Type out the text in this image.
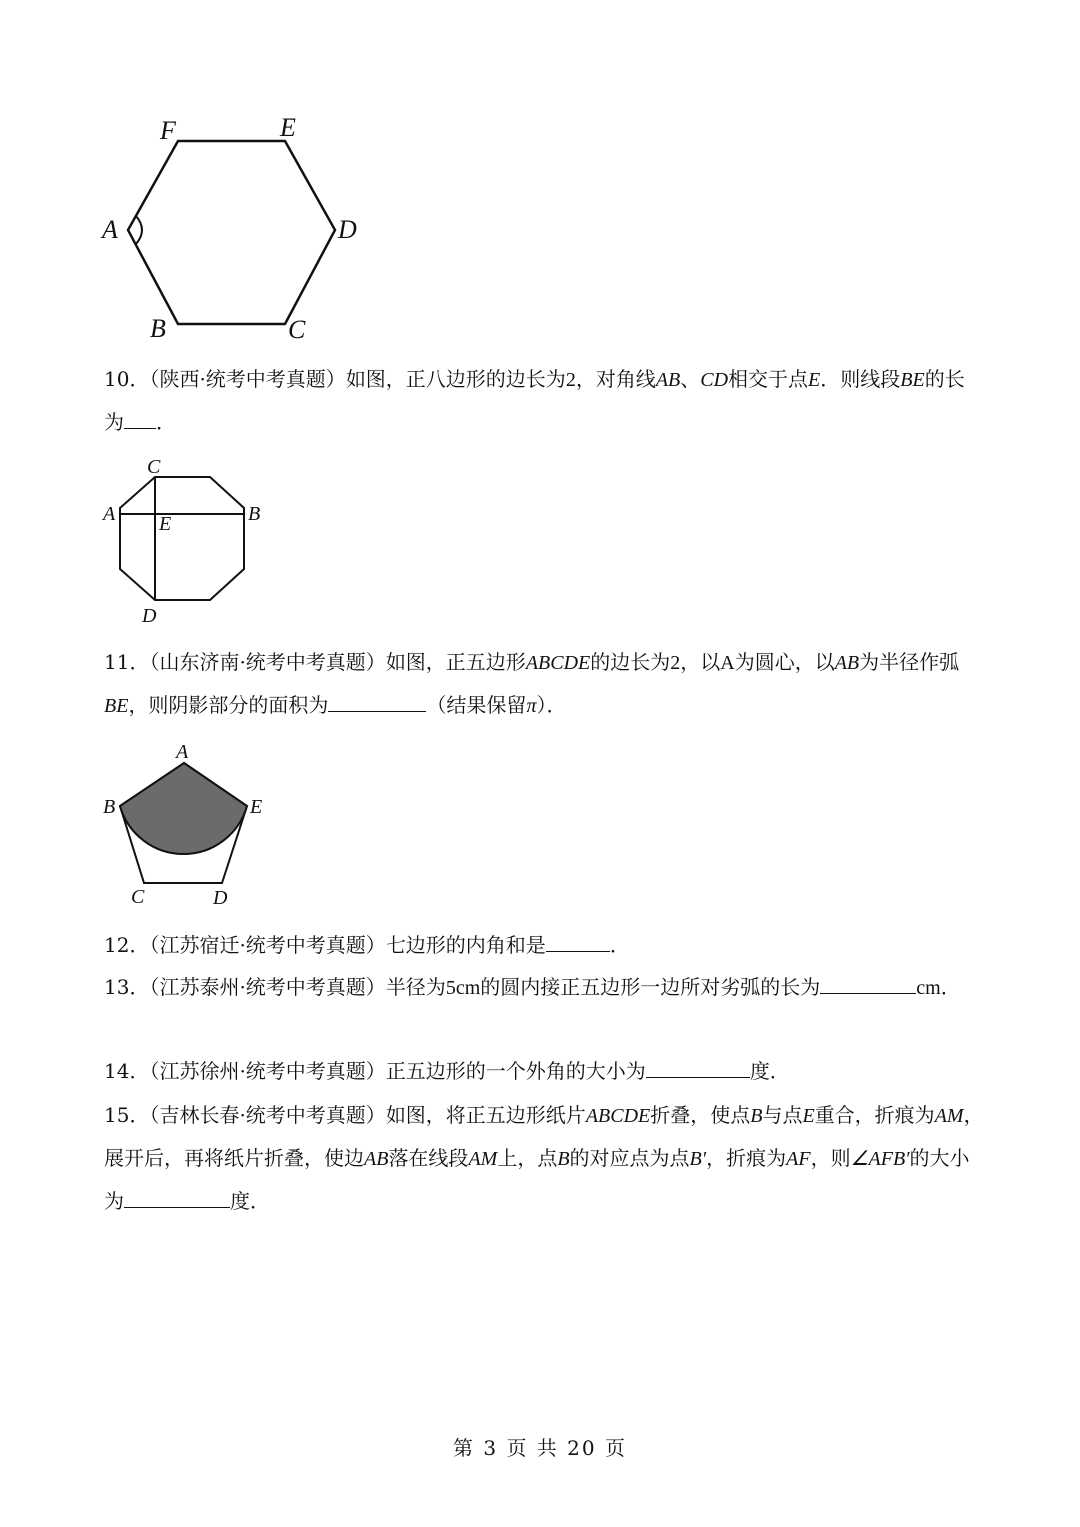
A
B	C
D
E
F

10．（陕西·统考中考真题）如图，正八边形的边长为2，对角线AB、CD相交于点E．则线段BE的长为 ．

A	B
C
D
E

11．（山东济南·统考中考真题）如图，正五边形ABCDE的边长为2，以A为圆心，以AB为半径作弧BE，则阴影部分的面积为	（结果保留π）．

A
B
C	D
E

12．（江苏宿迁·统考中考真题）七边形的内角和是	．

13．（江苏泰州·统考中考真题）半径为5cm的圆内接正五边形一边所对劣弧的长为	cm．

14．（江苏徐州·统考中考真题）正五边形的一个外角的大小为	度．

15．（吉林长春·统考中考真题）如图，将正五边形纸片ABCDE折叠，使点B与点E重合，折痕为AM，展开后，再将纸片折叠，使边AB落在线段AM上，点B的对应点为点B′，折痕为AF，则∠AFB′的大小为	度．

第 3 页 共 20 页
